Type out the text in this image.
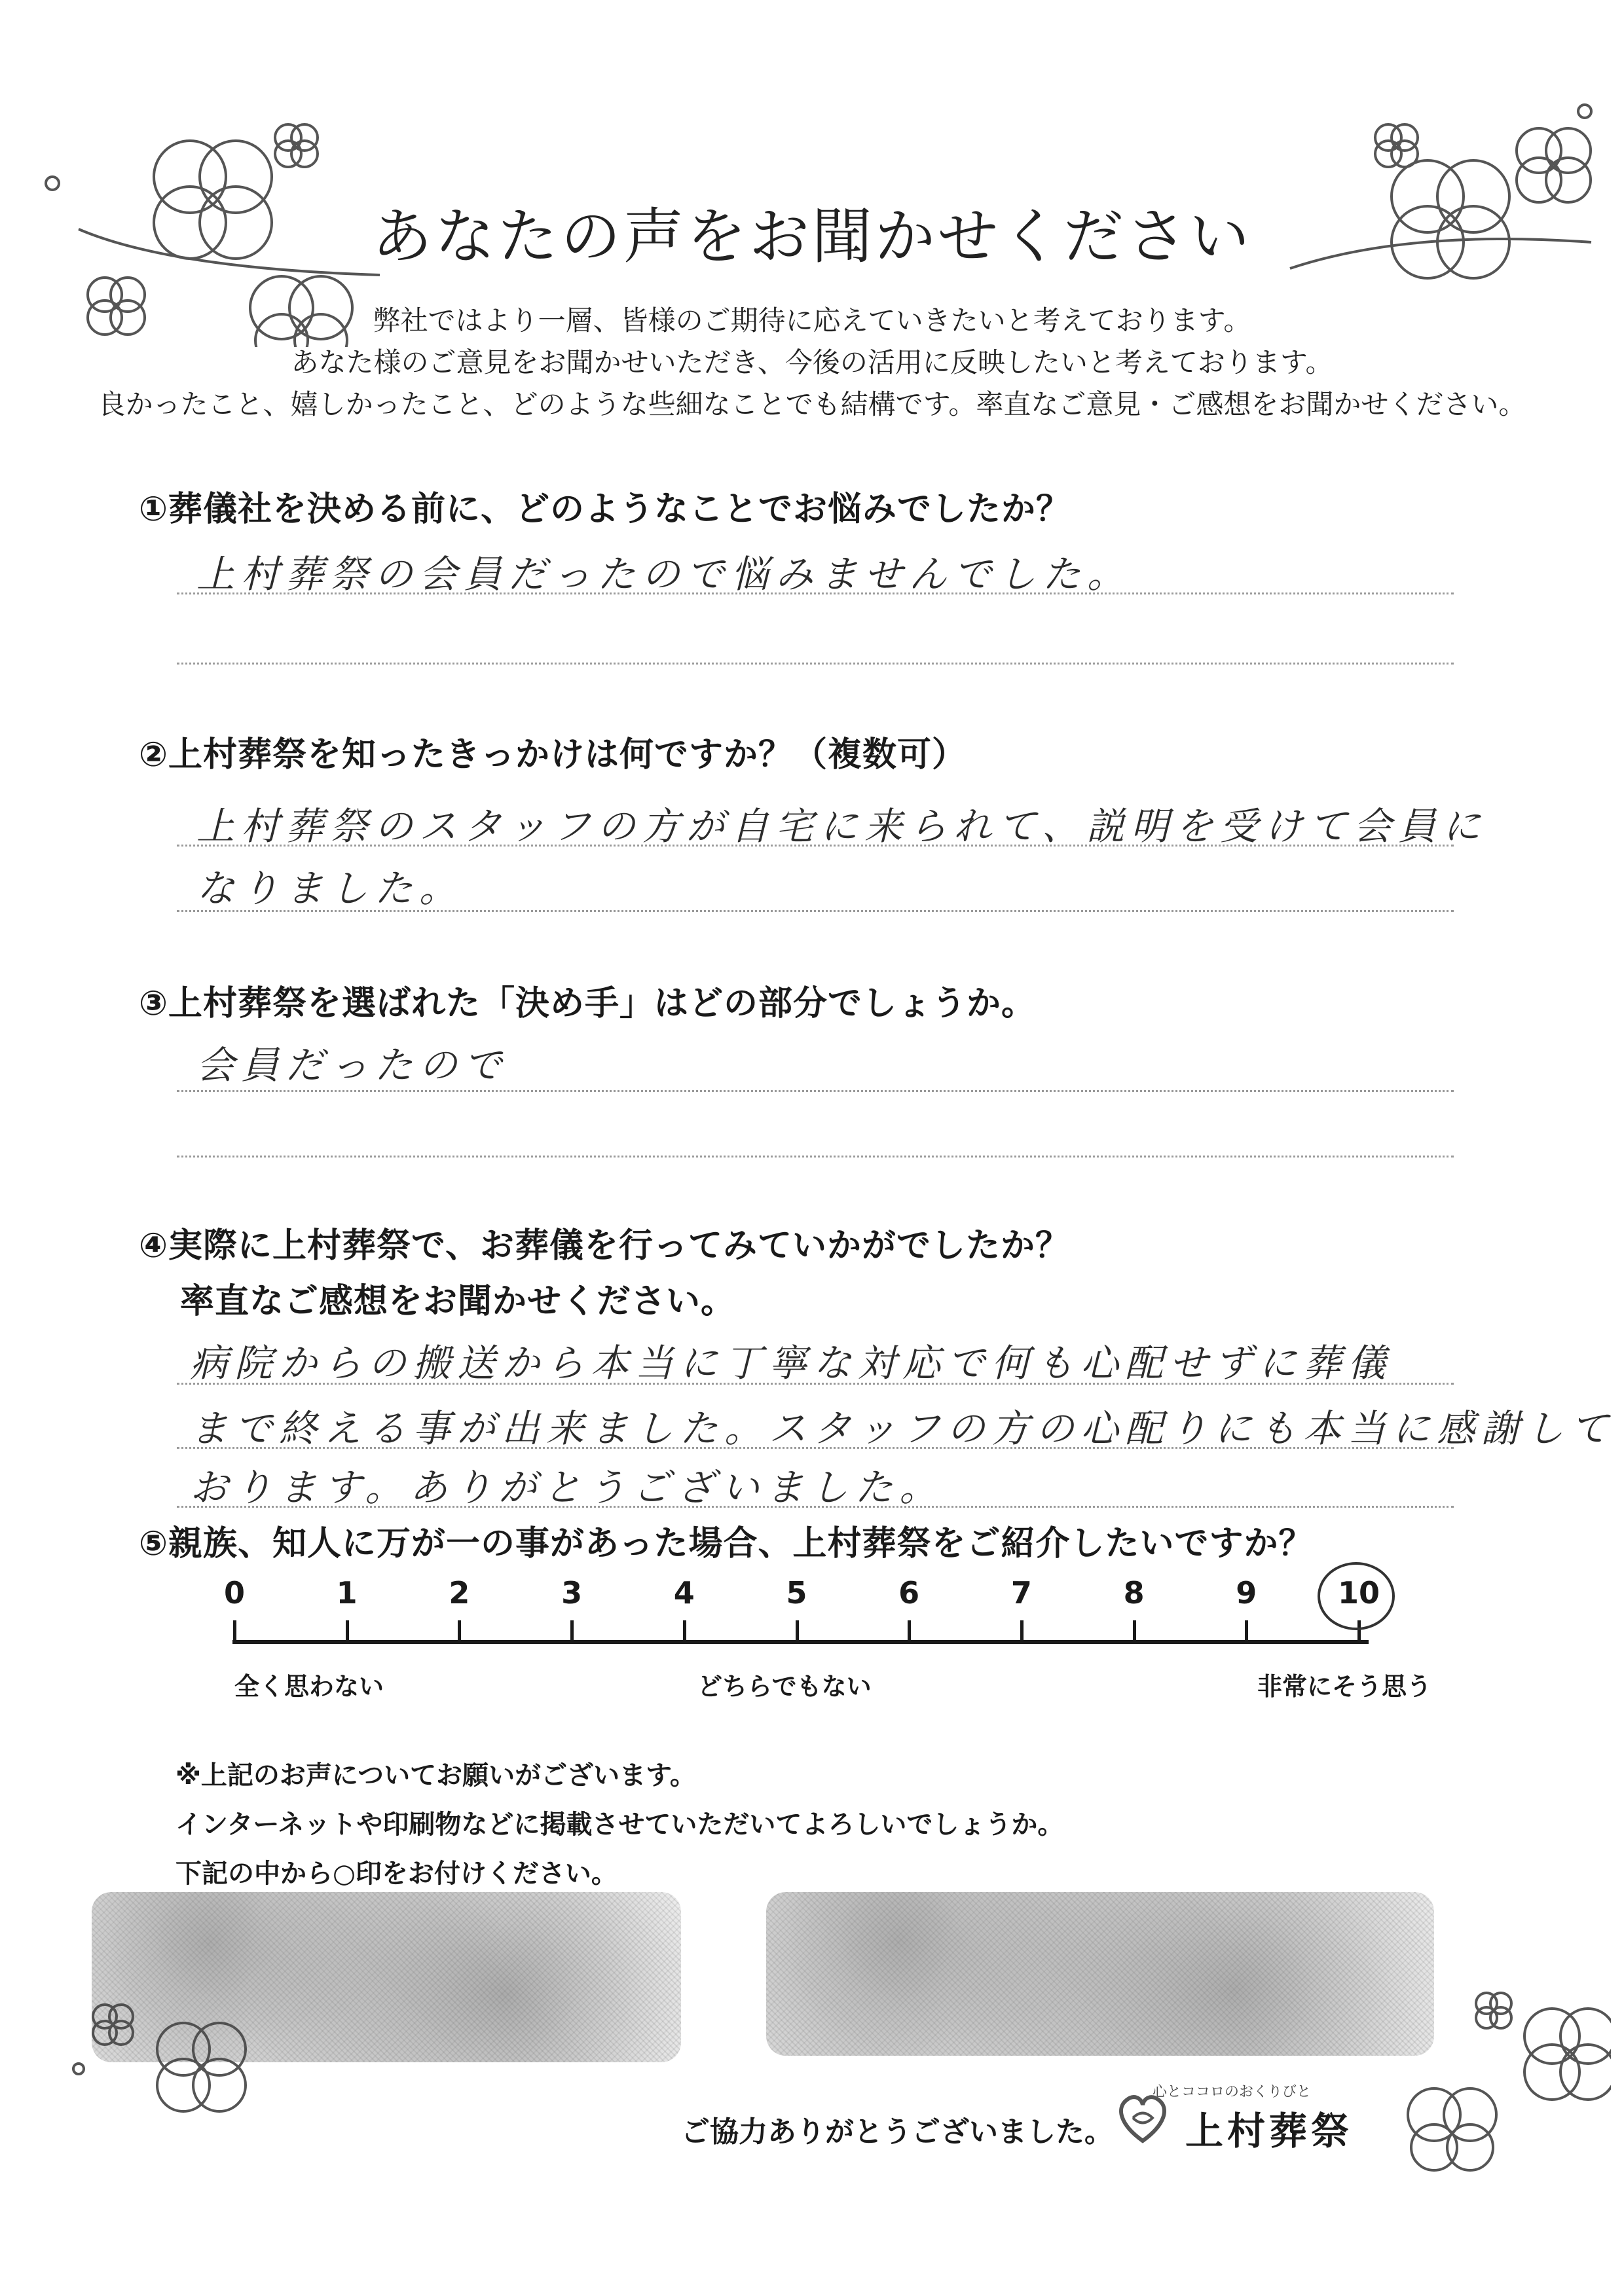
あなたの声をお聞かせください
弊社ではより一層、皆様のご期待に応えていきたいと考えております。
あなた様のご意見をお聞かせいただき、今後の活用に反映したいと考えております。
良かったこと、嬉しかったこと、どのような些細なことでも結構です。率直なご意見・ご感想をお聞かせください。
①葬儀社を決める前に、どのようなことでお悩みでしたか？
上村葬祭の会員だったので悩みませんでした。
②上村葬祭を知ったきっかけは何ですか？（複数可）
上村葬祭のスタッフの方が自宅に来られて、説明を受けて会員に
なりました。
③上村葬祭を選ばれた「決め手」はどの部分でしょうか。
会員だったので
④実際に上村葬祭で、お葬儀を行ってみていかがでしたか？
率直なご感想をお聞かせください。
病院からの搬送から本当に丁寧な対応で何も心配せずに葬儀
まで終える事が出来ました。スタッフの方の心配りにも本当に感謝して
おります。ありがとうございました。
⑤親族、知人に万が一の事があった場合、上村葬祭をご紹介したいですか？
0	1	2	3	4	5	6	7	8	9	10
全く思わない	どちらでもない	非常にそう思う
※上記のお声についてお願いがございます。
インターネットや印刷物などに掲載させていただいてよろしいでしょうか。
下記の中から○印をお付けください。
ご協力ありがとうございました。
心とココロのおくりびと
上村葬祭
